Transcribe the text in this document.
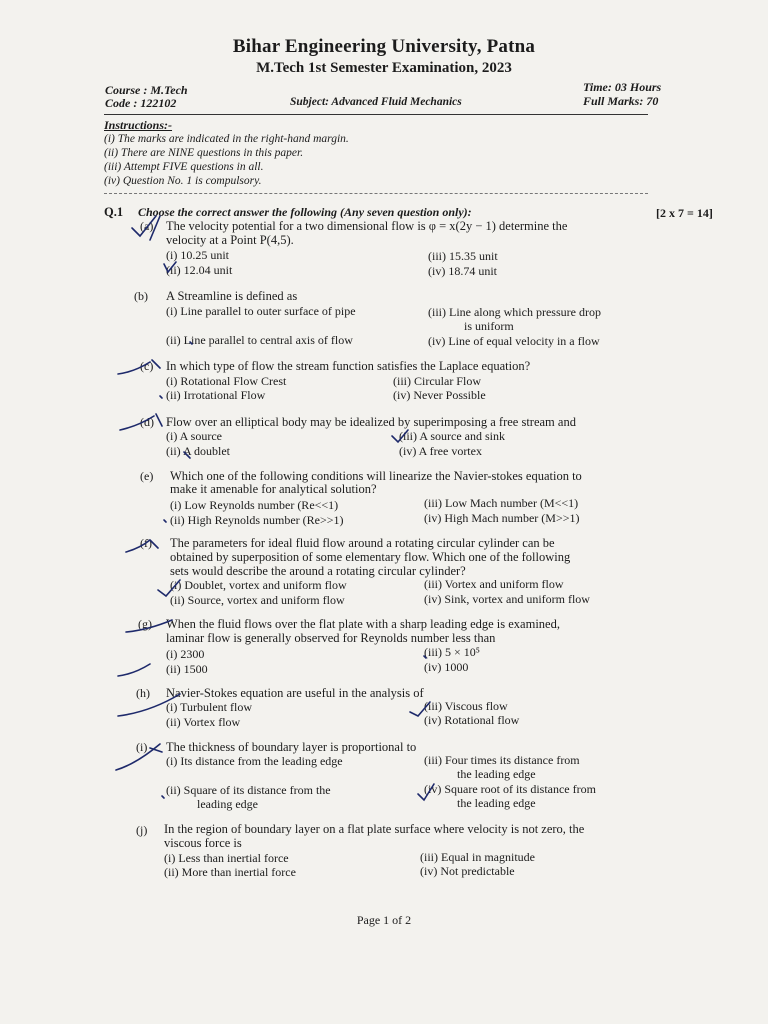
Bihar Engineering University, Patna
M.Tech 1st Semester Examination, 2023
Course : M.Tech
Code : 122102	Subject: Advanced Fluid Mechanics
Time: 03 Hours
Full Marks: 70
Instructions:-
(i) The marks are indicated in the right-hand margin.
(ii) There are NINE questions in this paper.
(iii) Attempt FIVE questions in all.
(iv) Question No. 1 is compulsory.
Q.1 Choose the correct answer the following (Any seven question only):	[2 x 7 = 14]
(a) The velocity potential for a two dimensional flow is φ = x(2y − 1) determine the
velocity at a Point P(4,5).
(i) 10.25 unit
(ii) 12.04 unit
(iii) 15.35 unit
(iv) 18.74 unit
(b) A Streamline is defined as
(i) Line parallel to outer surface of pipe
(ii) Line parallel to central axis of flow
(iii) Line along which pressure drop
is uniform
(iv) Line of equal velocity in a flow
(c) In which type of flow the stream function satisfies the Laplace equation?
(i) Rotational Flow Crest
(ii) Irrotational Flow
(iii) Circular Flow
(iv) Never Possible
(d) Flow over an elliptical body may be idealized by superimposing a free stream and
(i) A source
(ii) A doublet
(iii) A source and sink
(iv) A free vortex
(e) Which one of the following conditions will linearize the Navier-stokes equation to
make it amenable for analytical solution?
(i) Low Reynolds number (Re<<1)
(ii) High Reynolds number (Re>>1)
(iii) Low Mach number (M<<1)
(iv) High Mach number (M>>1)
(f) The parameters for ideal fluid flow around a rotating circular cylinder can be
obtained by superposition of some elementary flow. Which one of the following
sets would describe the around a rotating circular cylinder?
(i) Doublet, vortex and uniform flow
(ii) Source, vortex and uniform flow
(iii) Vortex and uniform flow
(iv) Sink, vortex and uniform flow
(g) When the fluid flows over the flat plate with a sharp leading edge is examined,
laminar flow is generally observed for Reynolds number less than
(i) 2300
(ii) 1500
(iii) 5 × 10⁵
(iv) 1000
(h) Navier-Stokes equation are useful in the analysis of
(i) Turbulent flow
(ii) Vortex flow
(iii) Viscous flow
(iv) Rotational flow
(i) The thickness of boundary layer is proportional to
(i) Its distance from the leading edge
(ii) Square of its distance from the
leading edge
(iii) Four times its distance from
the leading edge
(iv) Square root of its distance from
the leading edge
(j) In the region of boundary layer on a flat plate surface where velocity is not zero, the
viscous force is
(i) Less than inertial force
(ii) More than inertial force
(iii) Equal in magnitude
(iv) Not predictable
Page 1 of 2
